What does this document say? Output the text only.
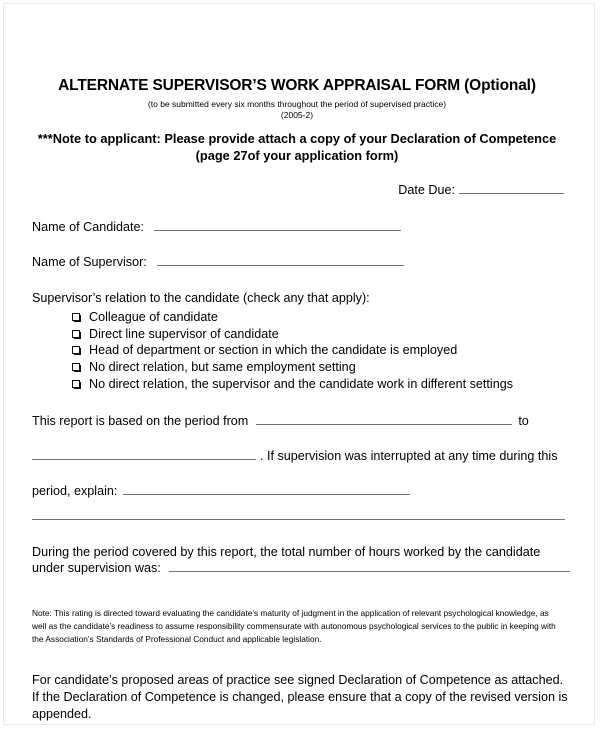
ALTERNATE SUPERVISOR’S WORK APPRAISAL FORM (Optional)
(to be submitted every six months throughout the period of supervised practice)
(2005-2)
***Note to applicant: Please provide attach a copy of your Declaration of Competence
(page 27of your application form)
Date Due:
Name of Candidate:
Name of Supervisor:
Supervisor’s relation to the candidate (check any that apply):
Colleague of candidate
Direct line supervisor of candidate
Head of department or section in which the candidate is employed
No direct relation, but same employment setting
No direct relation, the supervisor and the candidate work in different settings
This report is based on the period from	to
. If supervision was interrupted at any time during this
period, explain:
During the period covered by this report, the total number of hours worked by the candidate
under supervision was:
Note: This rating is directed toward evaluating the candidate’s maturity of judgment in the application of relevant psychological knowledge, as well as the candidate’s readiness to assume responsibility commensurate with autonomous psychological services to the public in keeping with the Association’s Standards of Professional Conduct and applicable legislation.
For candidate’s proposed areas of practice see signed Declaration of Competence as attached. If the Declaration of Competence is changed, please ensure that a copy of the revised version is appended.
